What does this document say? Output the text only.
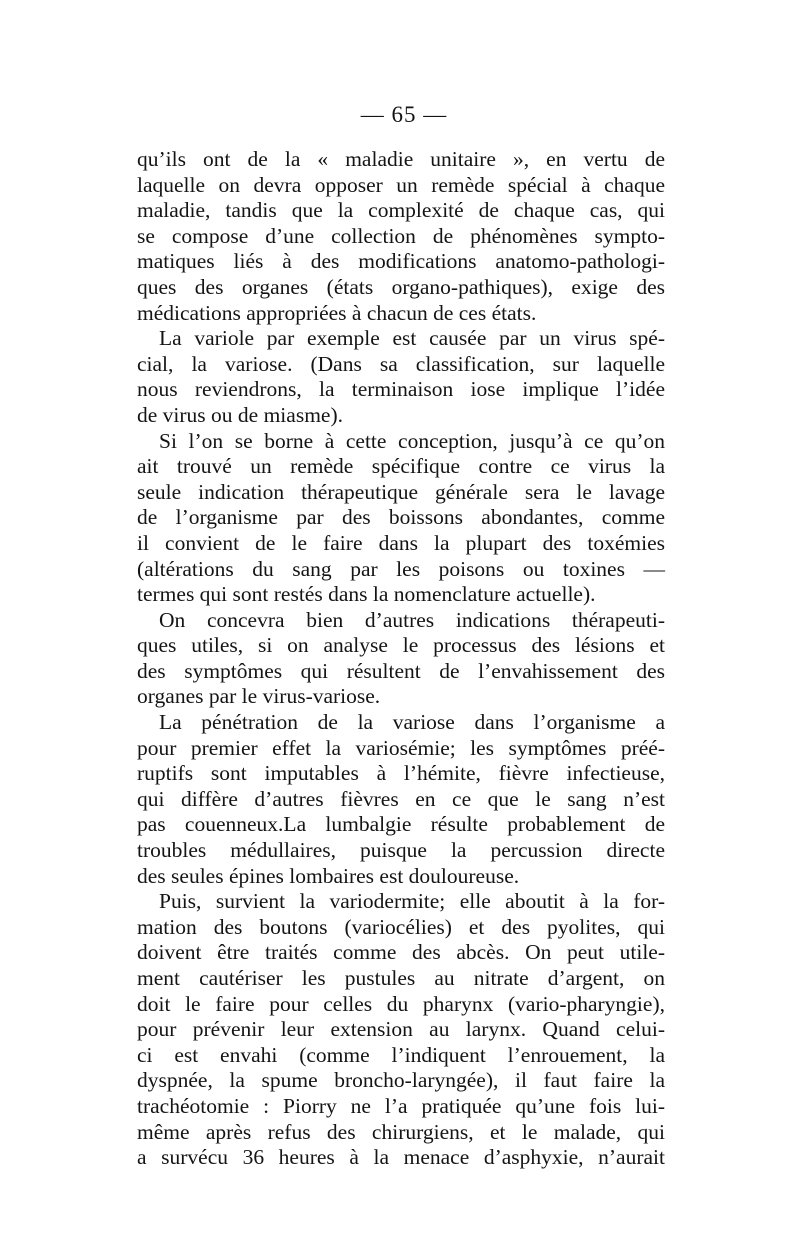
— 65 —
qu’ils ont de la « maladie unitaire », en vertu de
laquelle on devra opposer un remède spécial à chaque
maladie, tandis que la complexité de chaque cas, qui
se compose d’une collection de phénomènes sympto-
matiques liés à des modifications anatomo-pathologi-
ques des organes (états organo-pathiques), exige des
médications appropriées à chacun de ces états.
La variole par exemple est causée par un virus spé-
cial, la variose. (Dans sa classification, sur laquelle
nous reviendrons, la terminaison iose implique l’idée
de virus ou de miasme).
Si l’on se borne à cette conception, jusqu’à ce qu’on
ait trouvé un remède spécifique contre ce virus la
seule indication thérapeutique générale sera le lavage
de l’organisme par des boissons abondantes, comme
il convient de le faire dans la plupart des toxémies
(altérations du sang par les poisons ou toxines —
termes qui sont restés dans la nomenclature actuelle).
On concevra bien d’autres indications thérapeuti-
ques utiles, si on analyse le processus des lésions et
des symptômes qui résultent de l’envahissement des
organes par le virus-variose.
La pénétration de la variose dans l’organisme a
pour premier effet la variosémie; les symptômes préé-
ruptifs sont imputables à l’hémite, fièvre infectieuse,
qui diffère d’autres fièvres en ce que le sang n’est
pas couenneux.La lumbalgie résulte probablement de
troubles médullaires, puisque la percussion directe
des seules épines lombaires est douloureuse.
Puis, survient la variodermite; elle aboutit à la for-
mation des boutons (variocélies) et des pyolites, qui
doivent être traités comme des abcès. On peut utile-
ment cautériser les pustules au nitrate d’argent, on
doit le faire pour celles du pharynx (vario-pharyngie),
pour prévenir leur extension au larynx. Quand celui-
ci est envahi (comme l’indiquent l’enrouement, la
dyspnée, la spume broncho-laryngée), il faut faire la
trachéotomie : Piorry ne l’a pratiquée qu’une fois lui-
même après refus des chirurgiens, et le malade, qui
a survécu 36 heures à la menace d’asphyxie, n’aurait
